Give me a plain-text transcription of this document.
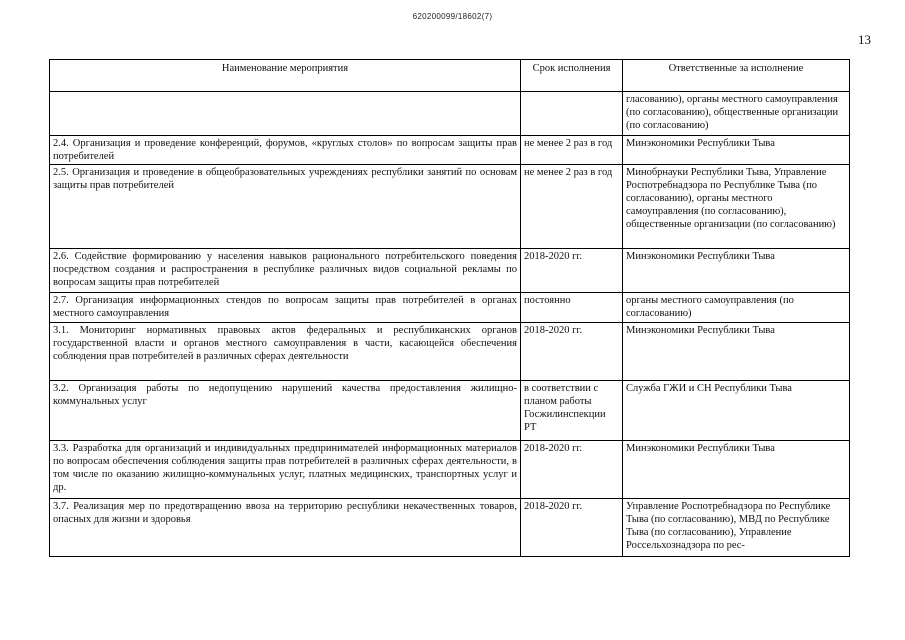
620200099/18602(7)
13
Наименование мероприятия	Срок исполнения	Ответственные за исполнение
		гласованию), органы местного самоуправления (по согласованию), общественные организации (по согласованию)
2.4. Организация и проведение конференций, форумов, «круглых столов» по вопросам защиты прав потребителей	не менее 2 раз в год	Минэкономики Республики Тыва
2.5. Организация и проведение в общеобразовательных учреждениях республики занятий по основам защиты прав потребителей	не менее 2 раз в год	Минобрнауки Республики Тыва, Управление Роспотребнадзора по Республике Тыва (по согласованию), органы местного самоуправления (по согласованию), общественные организации (по согласованию)
2.6. Содействие формированию у населения навыков рационального потребительского поведения посредством создания и распространения в республике различных видов социальной рекламы по вопросам защиты прав потребителей	2018-2020 гг.	Минэкономики Республики Тыва
2.7. Организация информационных стендов по вопросам защиты прав потребителей в органах местного самоуправления	постоянно	органы местного самоуправления (по согласованию)
3.1. Мониторинг нормативных правовых актов федеральных и республиканских органов государственной власти и органов местного самоуправления в части, касающейся обеспечения соблюдения прав потребителей в различных сферах деятельности	2018-2020 гг.	Минэкономики Республики Тыва
3.2. Организация работы по недопущению нарушений качества предоставления жилищно-коммунальных услуг	в соответствии с планом работы Госжилинспекции РТ	Служба ГЖИ и СН Республики Тыва
3.3. Разработка для организаций и индивидуальных предпринимателей информационных материалов по вопросам обеспечения соблюдения защиты прав потребителей в различных сферах деятельности, в том числе по оказанию жилищно-коммунальных услуг, платных медицинских, транспортных услуг и др.	2018-2020 гг.	Минэкономики Республики Тыва
3.7. Реализация мер по предотвращению ввоза на территорию республики некачественных товаров, опасных для жизни и здоровья	2018-2020 гг.	Управление Роспотребнадзора по Республике Тыва (по согласованию), МВД по Республике Тыва (по согласованию), Управление Россельхознадзора по рес-
